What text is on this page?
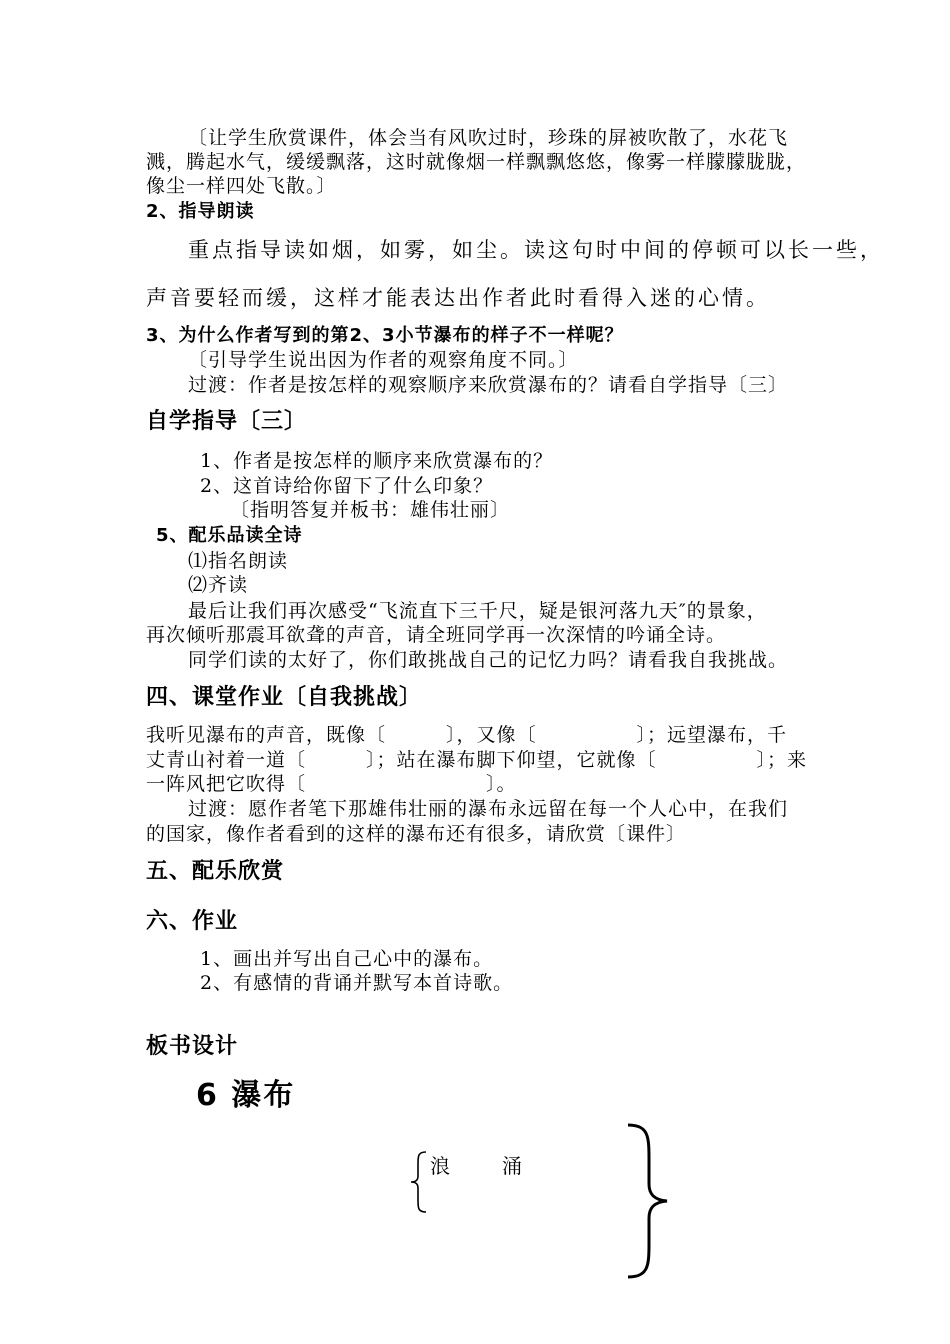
〔让学生欣赏课件，体会当有风吹过时，珍珠的屏被吹散了，水花飞
溅，腾起水气，缓缓飘落，这时就像烟一样飘飘悠悠，像雾一样朦朦胧胧，
像尘一样四处飞散。〕
2、指导朗读
重点指导读如烟，如雾，如尘。读这句时中间的停顿可以长一些，
声音要轻而缓，这样才能表达出作者此时看得入迷的心情。
3、为什么作者写到的第2、3小节瀑布的样子不一样呢？
〔引导学生说出因为作者的观察角度不同。〕
过渡：作者是按怎样的观察顺序来欣赏瀑布的？请看自学指导〔三〕
自学指导〔三〕
1、作者是按怎样的顺序来欣赏瀑布的？
2、这首诗给你留下了什么印象？
〔指明答复并板书：雄伟壮丽〕
5、配乐品读全诗
⑴指名朗读
⑵齐读
最后让我们再次感受“飞流直下三千尺，疑是银河落九天″的景象，
再次倾听那震耳欲聋的声音，请全班同学再一次深情的吟诵全诗。
同学们读的太好了，你们敢挑战自己的记忆力吗？请看我自我挑战。
四、课堂作业〔自我挑战〕
我听见瀑布的声音，既像〔　　　〕，又像〔　　　　　〕；远望瀑布，千
丈青山衬着一道〔　　　〕；站在瀑布脚下仰望，它就像〔　　　　　〕；来
一阵风把它吹得〔　　　　　　　　　〕。
过渡：愿作者笔下那雄伟壮丽的瀑布永远留在每一个人心中，在我们
的国家，像作者看到的这样的瀑布还有很多，请欣赏〔课件〕
五、配乐欣赏
六、作业
1、画出并写出自己心中的瀑布。
2、有感情的背诵并默写本首诗歌。
板书设计
6 瀑布
浪	涌
